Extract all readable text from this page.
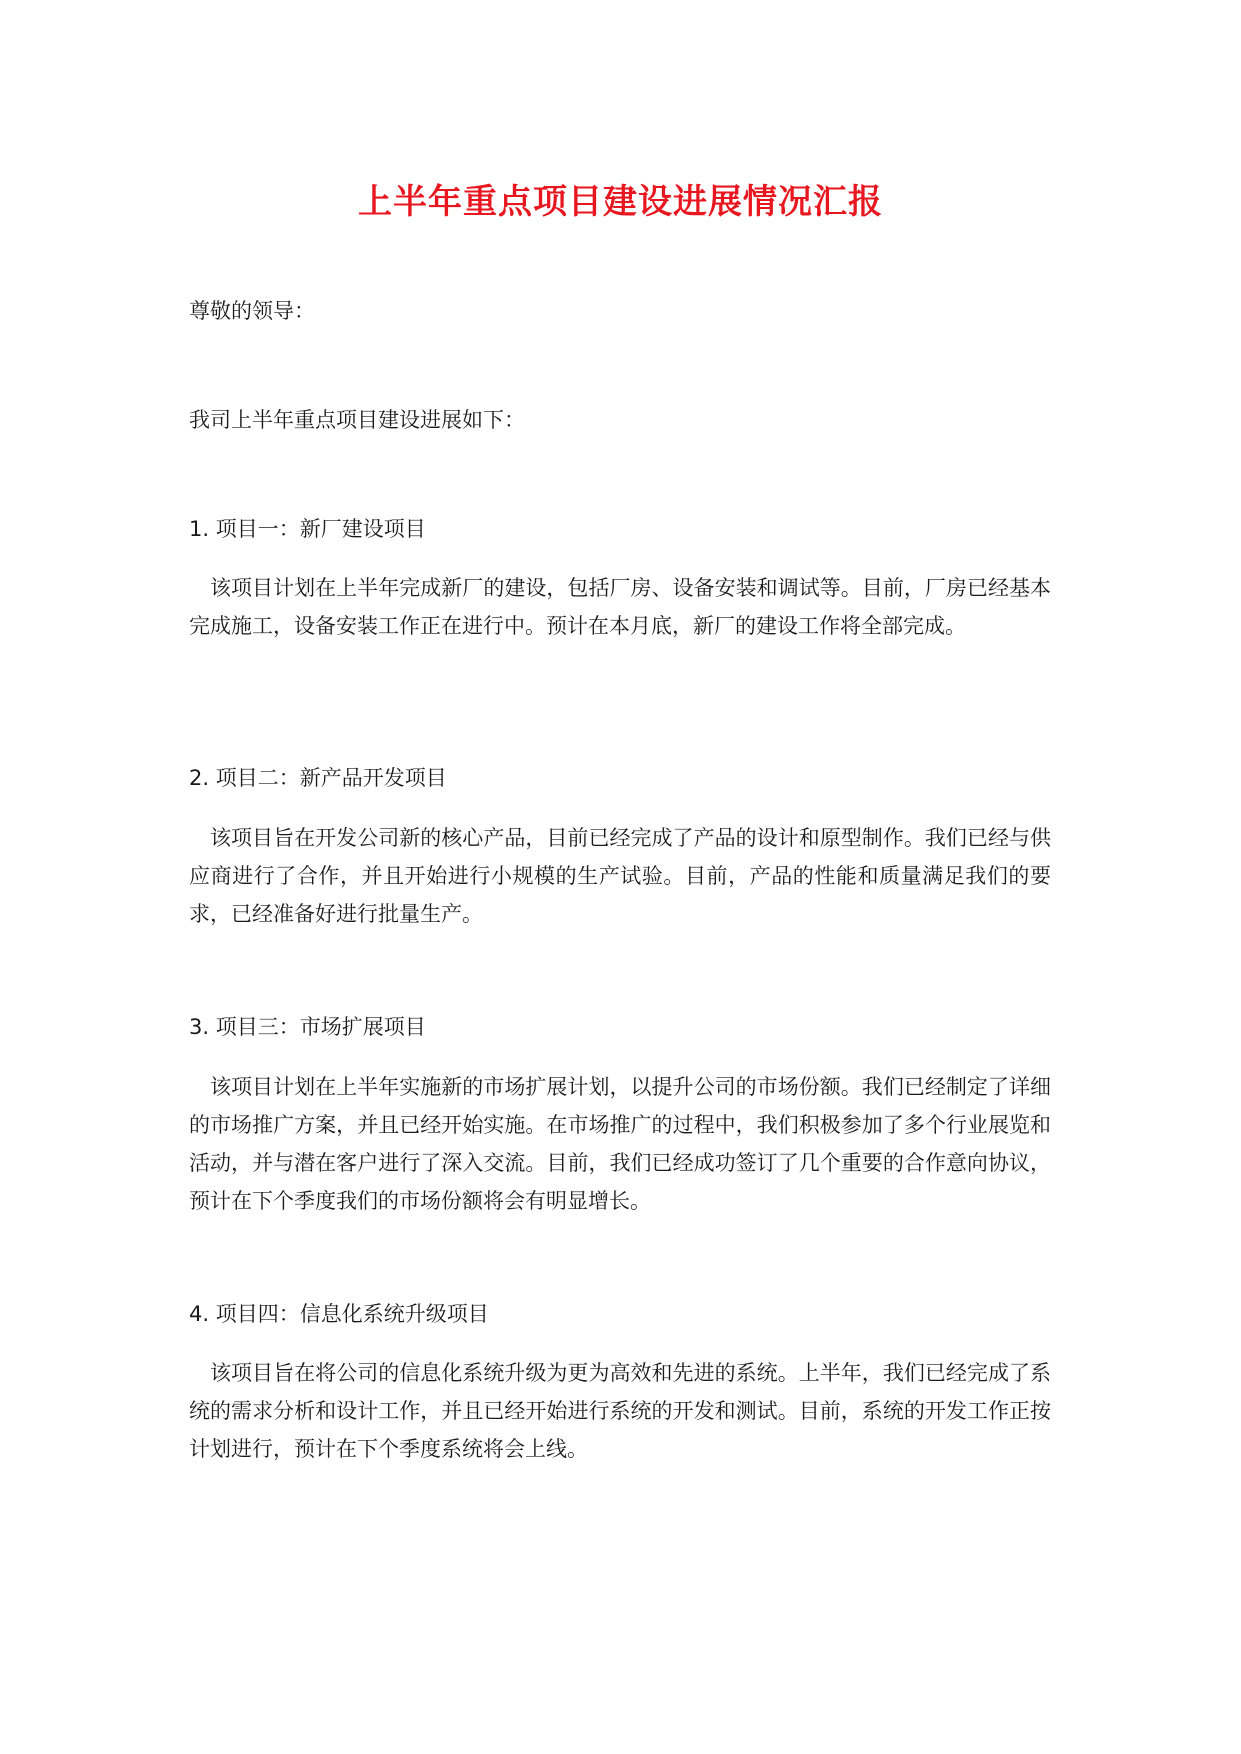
上半年重点项目建设进展情况汇报

尊敬的领导：

我司上半年重点项目建设进展如下：

1. 项目一：新厂建设项目

该项目计划在上半年完成新厂的建设，包括厂房、设备安装和调试等。目前，厂房已经基本完成施工，设备安装工作正在进行中。预计在本月底，新厂的建设工作将全部完成。

2. 项目二：新产品开发项目

该项目旨在开发公司新的核心产品，目前已经完成了产品的设计和原型制作。我们已经与供应商进行了合作，并且开始进行小规模的生产试验。目前，产品的性能和质量满足我们的要求，已经准备好进行批量生产。

3. 项目三：市场扩展项目

该项目计划在上半年实施新的市场扩展计划，以提升公司的市场份额。我们已经制定了详细的市场推广方案，并且已经开始实施。在市场推广的过程中，我们积极参加了多个行业展览和活动，并与潜在客户进行了深入交流。目前，我们已经成功签订了几个重要的合作意向协议，预计在下个季度我们的市场份额将会有明显增长。

4. 项目四：信息化系统升级项目

该项目旨在将公司的信息化系统升级为更为高效和先进的系统。上半年，我们已经完成了系统的需求分析和设计工作，并且已经开始进行系统的开发和测试。目前，系统的开发工作正按计划进行，预计在下个季度系统将会上线。
